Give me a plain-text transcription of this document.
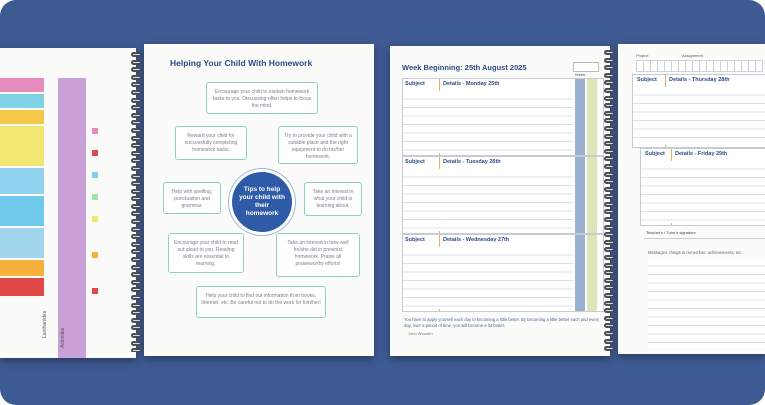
Lanthanides Actinides

Helping Your Child With Homework

Encourage your child to explain homework tasks to you. Discussing often helps to focus the mind.
Reward your child for successfully completing homework tasks.
Try to provide your child with a suitable place and the right equipment to do his/her homework.
Help with spelling, punctuation and grammar.
Take an interest in what your child is learning about.
Encourage your child to read out aloud to you. Reading skills are essential to learning.
Take an interest in how well he/she did in previous homework. Praise all praiseworthy efforts!
Help your child to find out information from books, Internet, etc. Be careful not to do the work for him/her!

Tips to help your child with their homework

Week Beginning: 25th August 2025

Week:
Subject	Details - Monday 25th
Subject	Details - Tuesday 26th
Subject	Details - Wednesday 27th

You have to apply yourself each day to becoming a little better. By becoming a little better each and every day, over a period of time, you will become a lot better.

John Wooden

Project	Assignment

Subject Details - Thursday 28th
Subject Details - Friday 29th

Teacher's / Tutor's signature

Messages, things to remember, achievements, etc.
